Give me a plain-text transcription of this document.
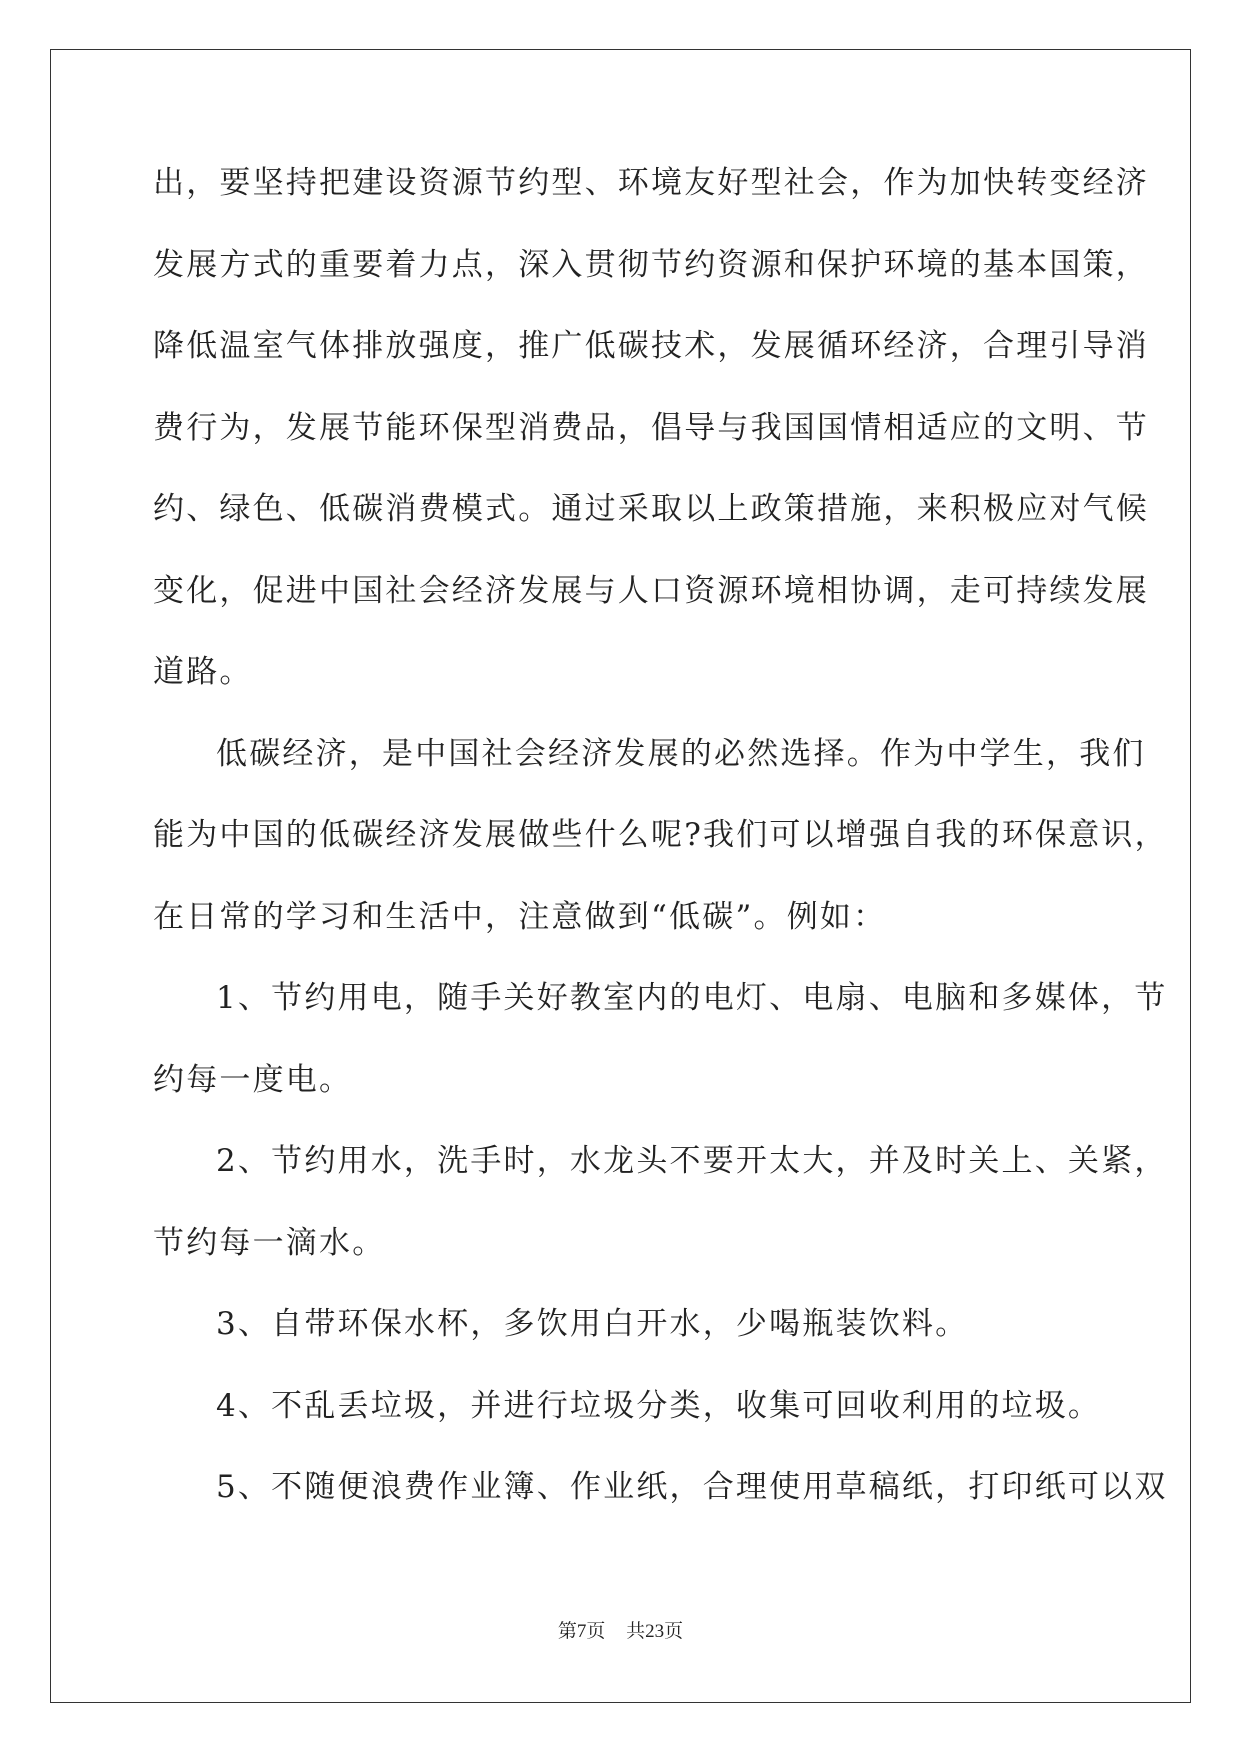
出，要坚持把建设资源节约型、环境友好型社会，作为加快转变经济
发展方式的重要着力点，深入贯彻节约资源和保护环境的基本国策，
降低温室气体排放强度，推广低碳技术，发展循环经济，合理引导消
费行为，发展节能环保型消费品，倡导与我国国情相适应的文明、节
约、绿色、低碳消费模式。通过采取以上政策措施，来积极应对气候
变化，促进中国社会经济发展与人口资源环境相协调，走可持续发展
道路。
低碳经济，是中国社会经济发展的必然选择。作为中学生，我们
能为中国的低碳经济发展做些什么呢?我们可以增强自我的环保意识，
在日常的学习和生活中，注意做到“低碳”。例如：
1、节约用电，随手关好教室内的电灯、电扇、电脑和多媒体，节
约每一度电。
2、节约用水，洗手时，水龙头不要开太大，并及时关上、关紧，
节约每一滴水。
3、自带环保水杯，多饮用白开水，少喝瓶装饮料。
4、不乱丢垃圾，并进行垃圾分类，收集可回收利用的垃圾。
5、不随便浪费作业簿、作业纸，合理使用草稿纸，打印纸可以双
第7页 共23页
